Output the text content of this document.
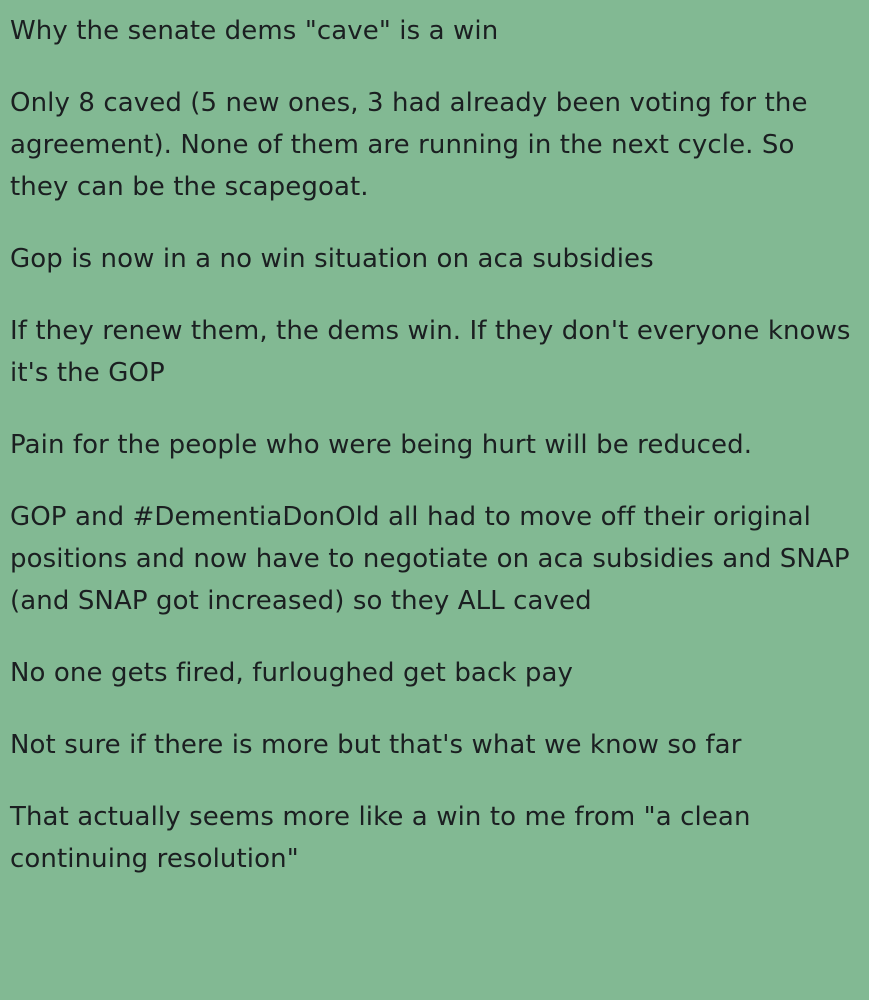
Why the senate dems "cave" is a win

Only 8 caved (5 new ones, 3 had already been voting for the agreement). None of them are running in the next cycle. So they can be the scapegoat.

Gop is now in a no win situation on aca subsidies

If they renew them, the dems win. If they don't everyone knows it's the GOP

Pain for the people who were being hurt will be reduced.

GOP and #DementiaDonOld all had to move off their original positions and now have to negotiate on aca subsidies and SNAP (and SNAP got increased) so they ALL caved

No one gets fired, furloughed get back pay

Not sure if there is more but that's what we know so far

That actually seems more like a win to me from "a clean continuing resolution"
